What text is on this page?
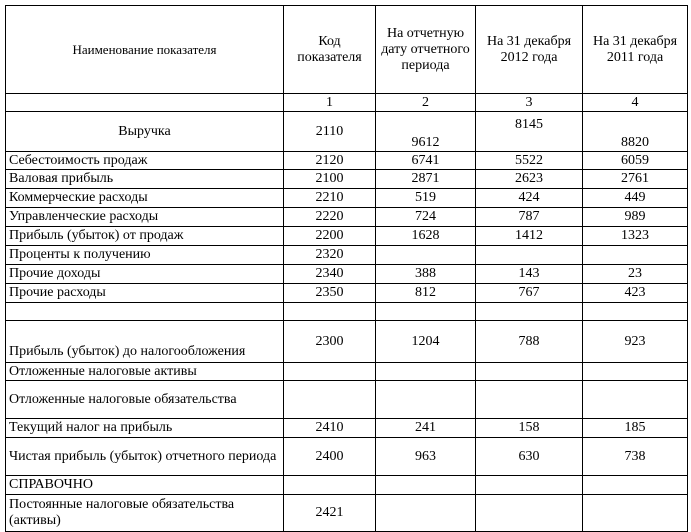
Наименование показателя	Код показателя	На отчетную дату отчетного периода	На 31 декабря 2012 года	На 31 декабря 2011 года
	1	2	3	4
Выручка	2110	9612	8145	8820
Себестоимость продаж	2120	6741	5522	6059
Валовая прибыль	2100	2871	2623	2761
Коммерческие расходы	2210	519	424	449
Управленческие расходы	2220	724	787	989
Прибыль (убыток) от продаж	2200	1628	1412	1323
Проценты к получению	2320			
Прочие доходы	2340	388	143	23
Прочие расходы	2350	812	767	423

Прибыль (убыток) до налогообложения	2300	1204	788	923
Отложенные налоговые активы				
Отложенные налоговые обязательства				
Текущий налог на прибыль	2410	241	158	185
Чистая прибыль (убыток) отчетного периода	2400	963	630	738
СПРАВОЧНО				
Постоянные налоговые обязательства (активы)	2421			
